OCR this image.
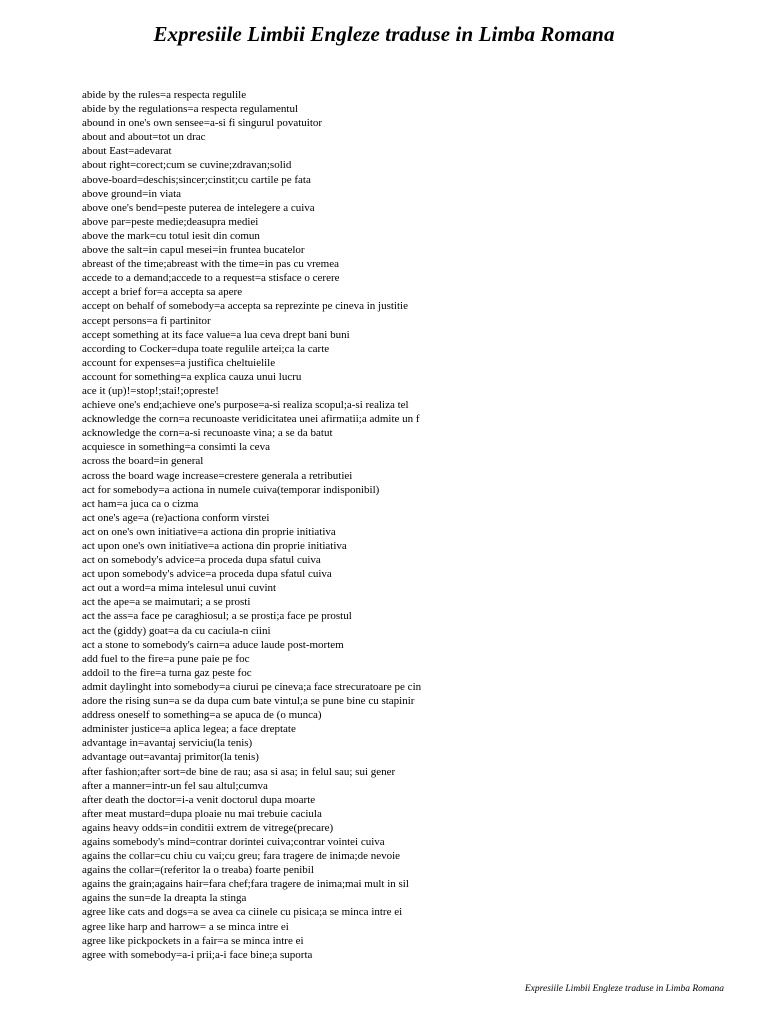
Expresiile Limbii Engleze traduse in Limba Romana
abide by the rules=a respecta regulile
abide by the regulations=a respecta regulamentul
abound in one's own sensee=a-si fi singurul povatuitor
about and about=tot un drac
about East=adevarat
about right=corect;cum se cuvine;zdravan;solid
above-board=deschis;sincer;cinstit;cu cartile pe fata
above ground=in viata
above one's bend=peste puterea de intelegere a cuiva
above par=peste medie;deasupra mediei
above the mark=cu totul iesit din comun
above the salt=in capul mesei=in fruntea bucatelor
abreast of the time;abreast with the time=in pas cu vremea
accede to a demand;accede to a request=a stisface o cerere
accept a brief for=a accepta sa apere
accept on behalf of somebody=a accepta sa reprezinte pe cineva in justitie
accept persons=a fi partinitor
accept something at its face value=a lua ceva drept bani buni
according to Cocker=dupa toate regulile artei;ca la carte
account for expenses=a justifica cheltuielile
account for something=a explica cauza unui lucru
ace it (up)!=stop!;stai!;opreste!
achieve one's end;achieve one's purpose=a-si realiza scopul;a-si realiza tel
acknowledge the corn=a recunoaste veridicitatea unei afirmatii;a admite un f
acknowledge the corn=a-si recunoaste vina; a se da batut
acquiesce in something=a consimti la ceva
across the board=in general
across the board wage increase=crestere generala a retributiei
act for somebody=a actiona in numele cuiva(temporar indisponibil)
act ham=a juca ca o cizma
act one's age=a (re)actiona conform virstei
act on one's own initiative=a actiona din proprie initiativa
act upon one's own initiative=a actiona din proprie initiativa
act on somebody's advice=a proceda dupa sfatul cuiva
act upon somebody's advice=a proceda dupa sfatul cuiva
act out a word=a mima intelesul unui cuvint
act the ape=a se maimutari; a se prosti
act the ass=a face pe caraghiosul; a se prosti;a face pe prostul
act the (giddy) goat=a da cu caciula-n ciini
act a stone to somebody's cairn=a aduce laude post-mortem
add fuel to the fire=a pune paie pe foc
addoil to the fire=a turna gaz peste foc
admit daylinght into somebody=a ciurui pe cineva;a face strecuratoare pe cin
adore the rising sun=a se da dupa cum bate vintul;a se pune bine cu stapinir
address oneself to something=a se apuca de (o munca)
administer justice=a aplica legea; a face dreptate
advantage in=avantaj serviciu(la tenis)
advantage out=avantaj primitor(la tenis)
after fashion;after sort=de bine de rau; asa si asa; in felul sau; sui gener
after a manner=intr-un fel sau altul;cumva
after death the doctor=i-a venit doctorul dupa moarte
after meat mustard=dupa ploaie nu mai trebuie caciula
agains heavy odds=in conditii extrem de vitrege(precare)
agains somebody's mind=contrar dorintei cuiva;contrar vointei cuiva
agains the collar=cu chiu cu vai;cu greu; fara tragere de inima;de nevoie
agains the collar=(referitor la o treaba) foarte penibil
agains the grain;agains hair=fara chef;fara tragere de inima;mai mult in sil
agains the sun=de la dreapta la stinga
agree like cats and dogs=a se avea ca ciinele cu pisica;a se minca intre ei
agree like harp and harrow= a se minca intre ei
agree like pickpockets in a fair=a se minca intre ei
agree with somebody=a-i prii;a-i face bine;a suporta
Expresiile Limbii Engleze traduse in Limba Romana
